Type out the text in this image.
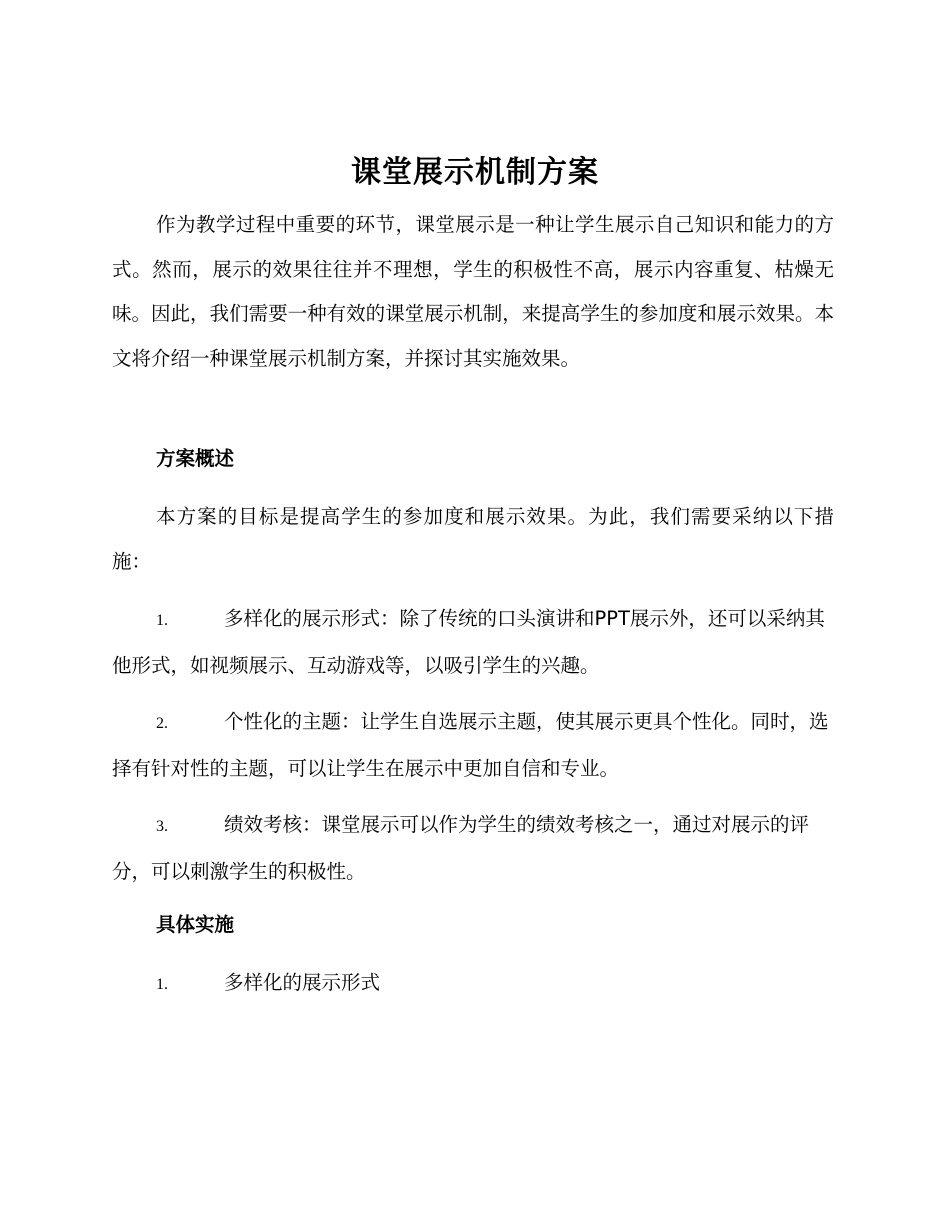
课堂展示机制方案

作为教学过程中重要的环节，课堂展示是一种让学生展示自己知识和能力的方式。然而，展示的效果往往并不理想，学生的积极性不高，展示内容重复、枯燥无味。因此，我们需要一种有效的课堂展示机制，来提高学生的参加度和展示效果。本文将介绍一种课堂展示机制方案，并探讨其实施效果。

方案概述

本方案的目标是提高学生的参加度和展示效果。为此，我们需要采纳以下措施：

1.	多样化的展示形式：除了传统的口头演讲和PPT展示外，还可以采纳其他形式，如视频展示、互动游戏等，以吸引学生的兴趣。

2.	个性化的主题：让学生自选展示主题，使其展示更具个性化。同时，选择有针对性的主题，可以让学生在展示中更加自信和专业。

3.	绩效考核：课堂展示可以作为学生的绩效考核之一，通过对展示的评分，可以刺激学生的积极性。

具体实施

1.	多样化的展示形式
